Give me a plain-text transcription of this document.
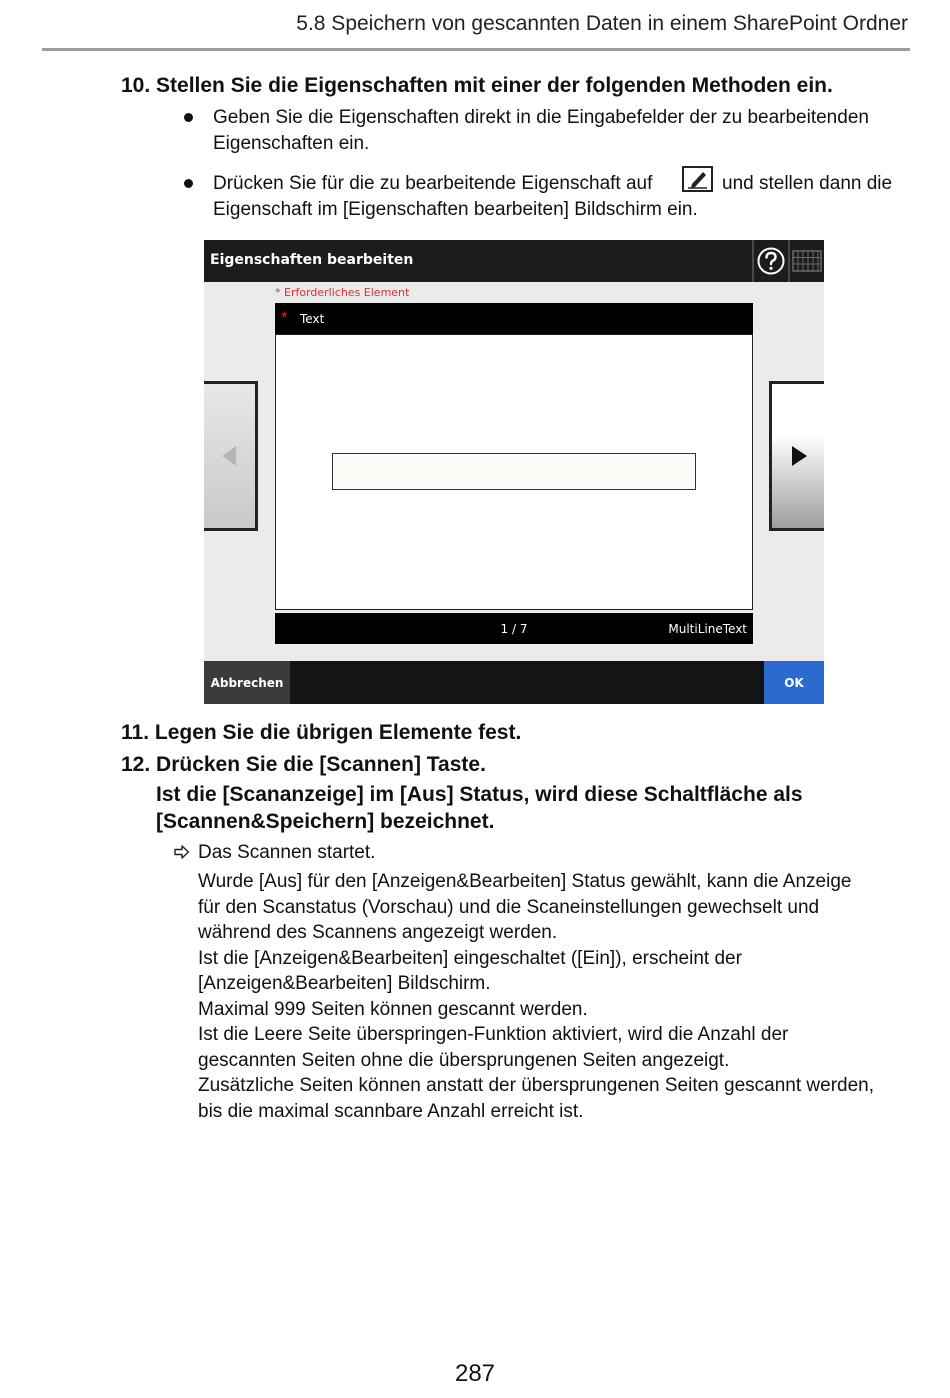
5.8 Speichern von gescannten Daten in einem SharePoint Ordner
10. Stellen Sie die Eigenschaften mit einer der folgenden Methoden ein.
Geben Sie die Eigenschaften direkt in die Eingabefelder der zu bearbeitenden
Eigenschaften ein.
Drücken Sie für die zu bearbeitende Eigenschaft auf	und stellen dann die
Eigenschaft im [Eigenschaften bearbeiten] Bildschirm ein.
Eigenschaften bearbeiten
* Erforderliches Element
* Text
1 / 7	MultiLineText
Abbrechen	OK
11. Legen Sie die übrigen Elemente fest.
12. Drücken Sie die [Scannen] Taste.
Ist die [Scananzeige] im [Aus] Status, wird diese Schaltfläche als
[Scannen&Speichern] bezeichnet.
Das Scannen startet.
Wurde [Aus] für den [Anzeigen&Bearbeiten] Status gewählt, kann die Anzeige
für den Scanstatus (Vorschau) und die Scaneinstellungen gewechselt und
während des Scannens angezeigt werden.
Ist die [Anzeigen&Bearbeiten] eingeschaltet ([Ein]), erscheint der
[Anzeigen&Bearbeiten] Bildschirm.
Maximal 999 Seiten können gescannt werden.
Ist die Leere Seite überspringen-Funktion aktiviert, wird die Anzahl der
gescannten Seiten ohne die übersprungenen Seiten angezeigt.
Zusätzliche Seiten können anstatt der übersprungenen Seiten gescannt werden,
bis die maximal scannbare Anzahl erreicht ist.
287
